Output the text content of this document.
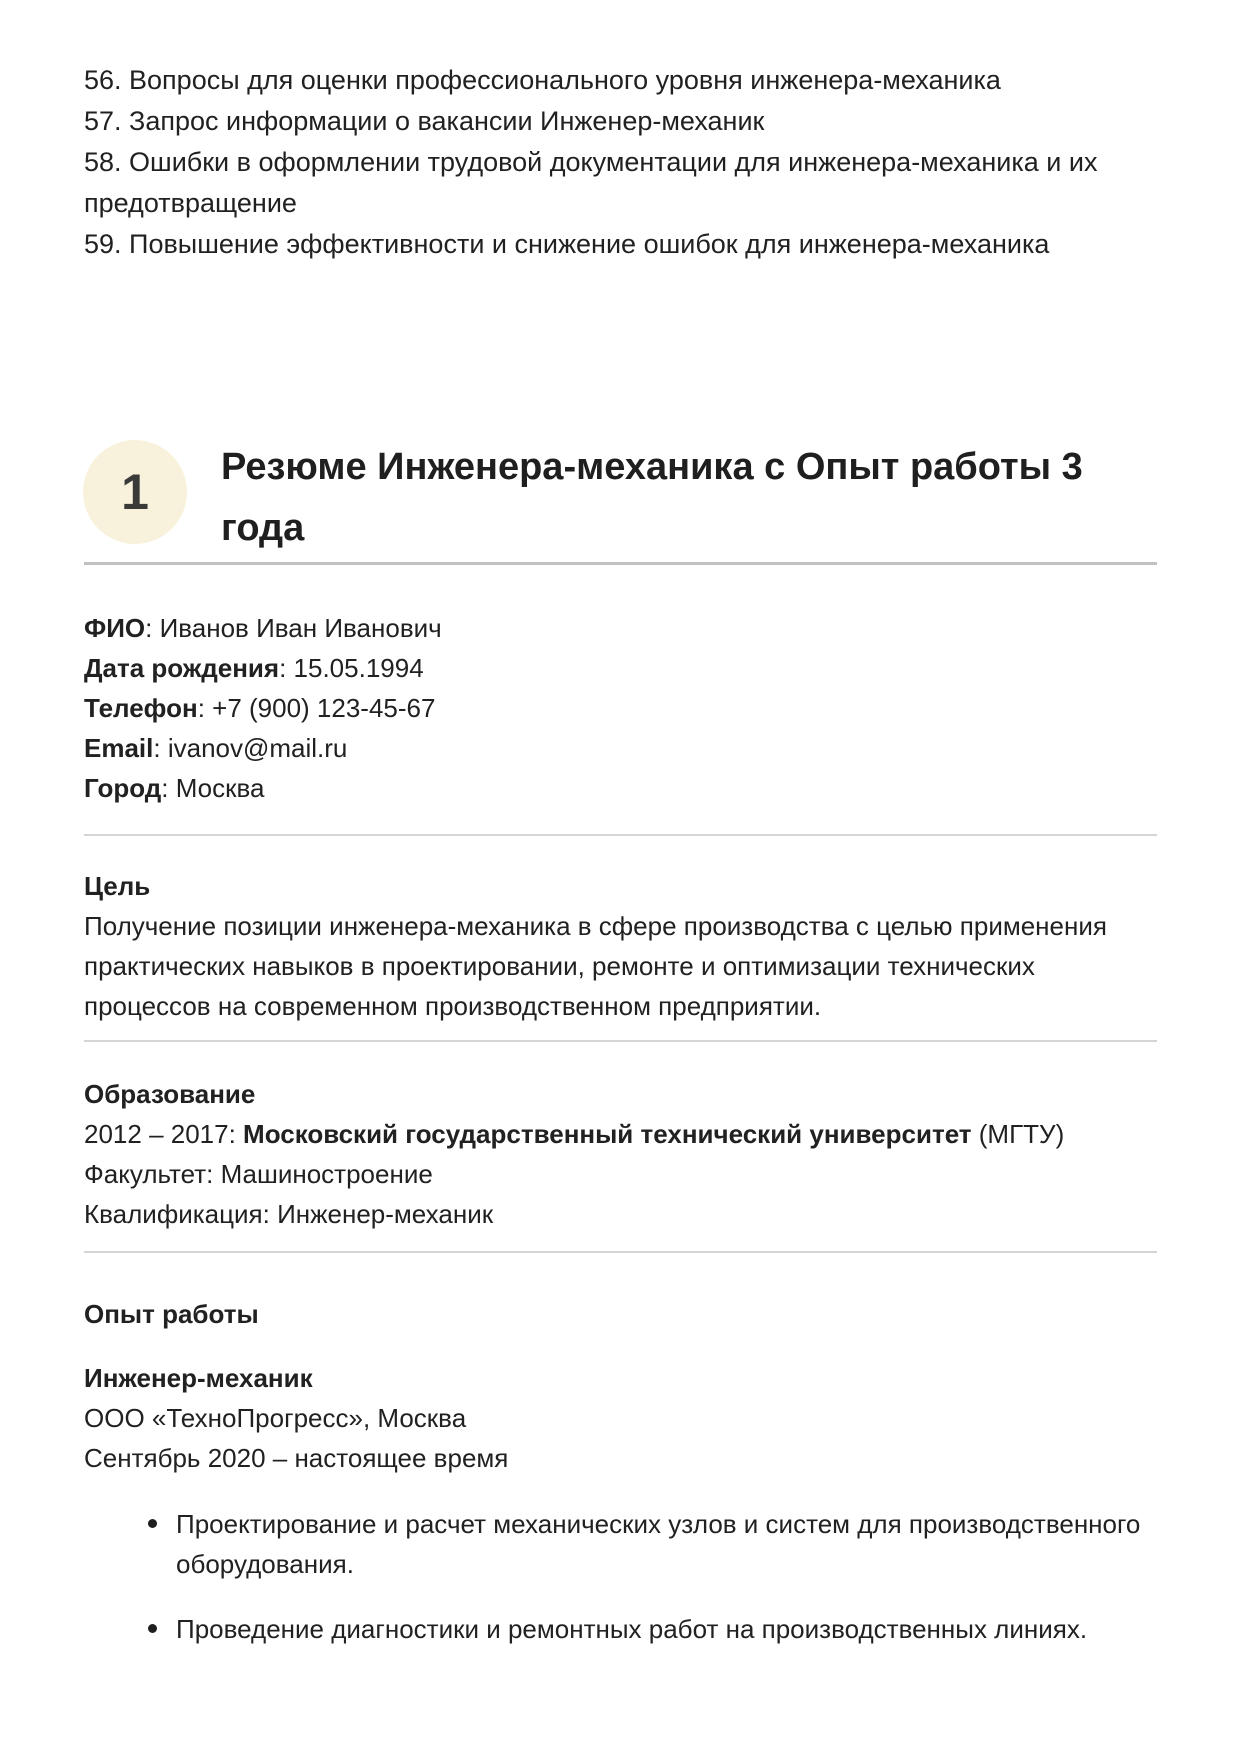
56. Вопросы для оценки профессионального уровня инженера-механика

57. Запрос информации о вакансии Инженер-механик

58. Ошибки в оформлении трудовой документации для инженера-механика и их предотвращение

59. Повышение эффективности и снижение ошибок для инженера-механика

1	Резюме Инженера-механика с Опыт работы 3 года

ФИО: Иванов Иван Иванович

Дата рождения: 15.05.1994

Телефон: +7 (900) 123-45-67

Email: ivanov@mail.ru

Город: Москва

Цель

Получение позиции инженера-механика в сфере производства с целью применения практических навыков в проектировании, ремонте и оптимизации технических процессов на современном производственном предприятии.

Образование

2012 – 2017: Московский государственный технический университет (МГТУ)

Факультет: Машиностроение

Квалификация: Инженер-механик

Опыт работы

Инженер-механик

ООО «ТехноПрогресс», Москва

Сентябрь 2020 – настоящее время

Проектирование и расчет механических узлов и систем для производственного оборудования.
Проведение диагностики и ремонтных работ на производственных линиях.
